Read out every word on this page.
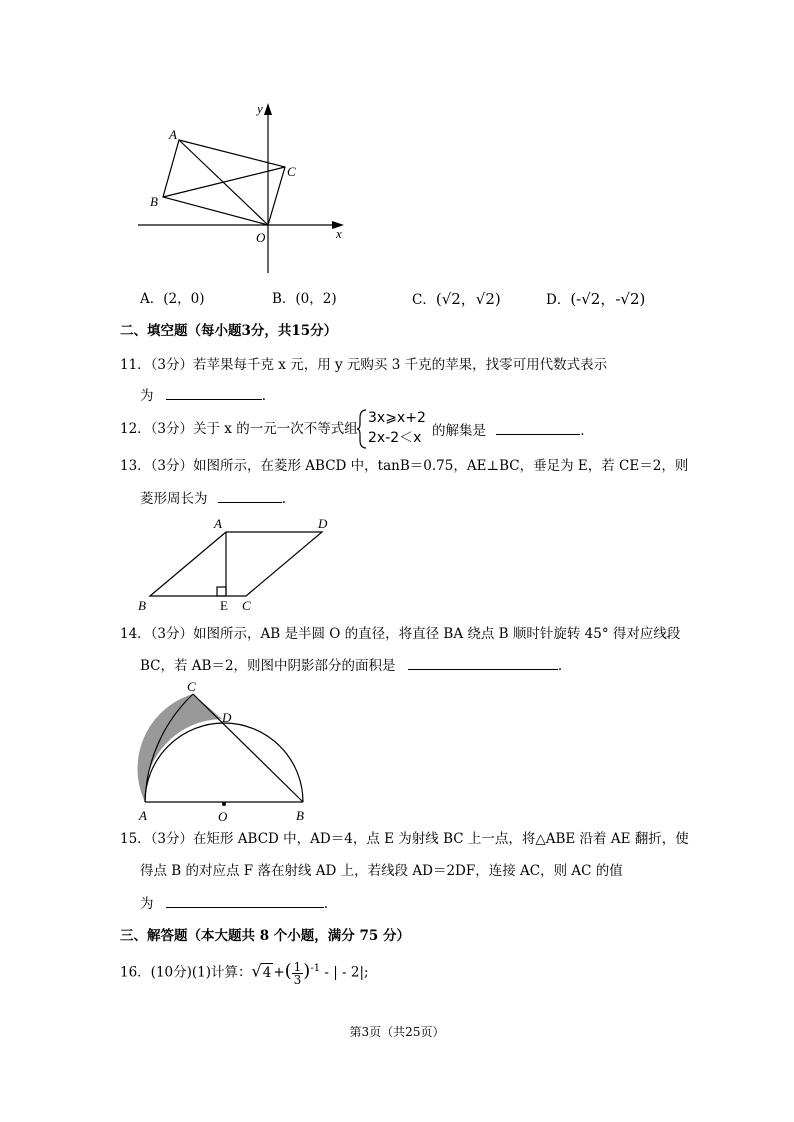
y
x
A
B
C
O
A．(2，0)	B．(0，2)	C．(√2，√2)	D．(-√2，-√2)
二、填空题（每小题3分，共15分）
11．（3分）若苹果每千克 x 元，用 y 元购买 3 千克的苹果，找零可用代数式表示
为	.
12．（3分）关于 x 的一元一次不等式组
3x⩾x+2
2x-2＜x 的解集是	.
13．（3分）如图所示，在菱形 ABCD 中，tanB＝0.75，AE⊥BC，垂足为 E，若 CE＝2，则
菱形周长为	.
A	D
B	E C
14．（3分）如图所示，AB 是半圆 O 的直径，将直径 BA 绕点 B 顺时针旋转 45° 得对应线段
BC，若 AB＝2，则图中阴影部分的面积是	.
C
D
A	O	B
15．（3分）在矩形 ABCD 中，AD＝4，点 E 为射线 BC 上一点，将△ABE 沿着 AE 翻折，使
得点 B 的对应点 F 落在射线 AD 上，若线段 AD＝2DF，连接 AC，则 AC 的值
为	.
三、解答题（本大题共 8 个小题，满分 75 分）
16．(10分)(1)计算：√4 +( $\frac{1}{3} )^{-1}$ - | - 2|;
第3页（共25页）
